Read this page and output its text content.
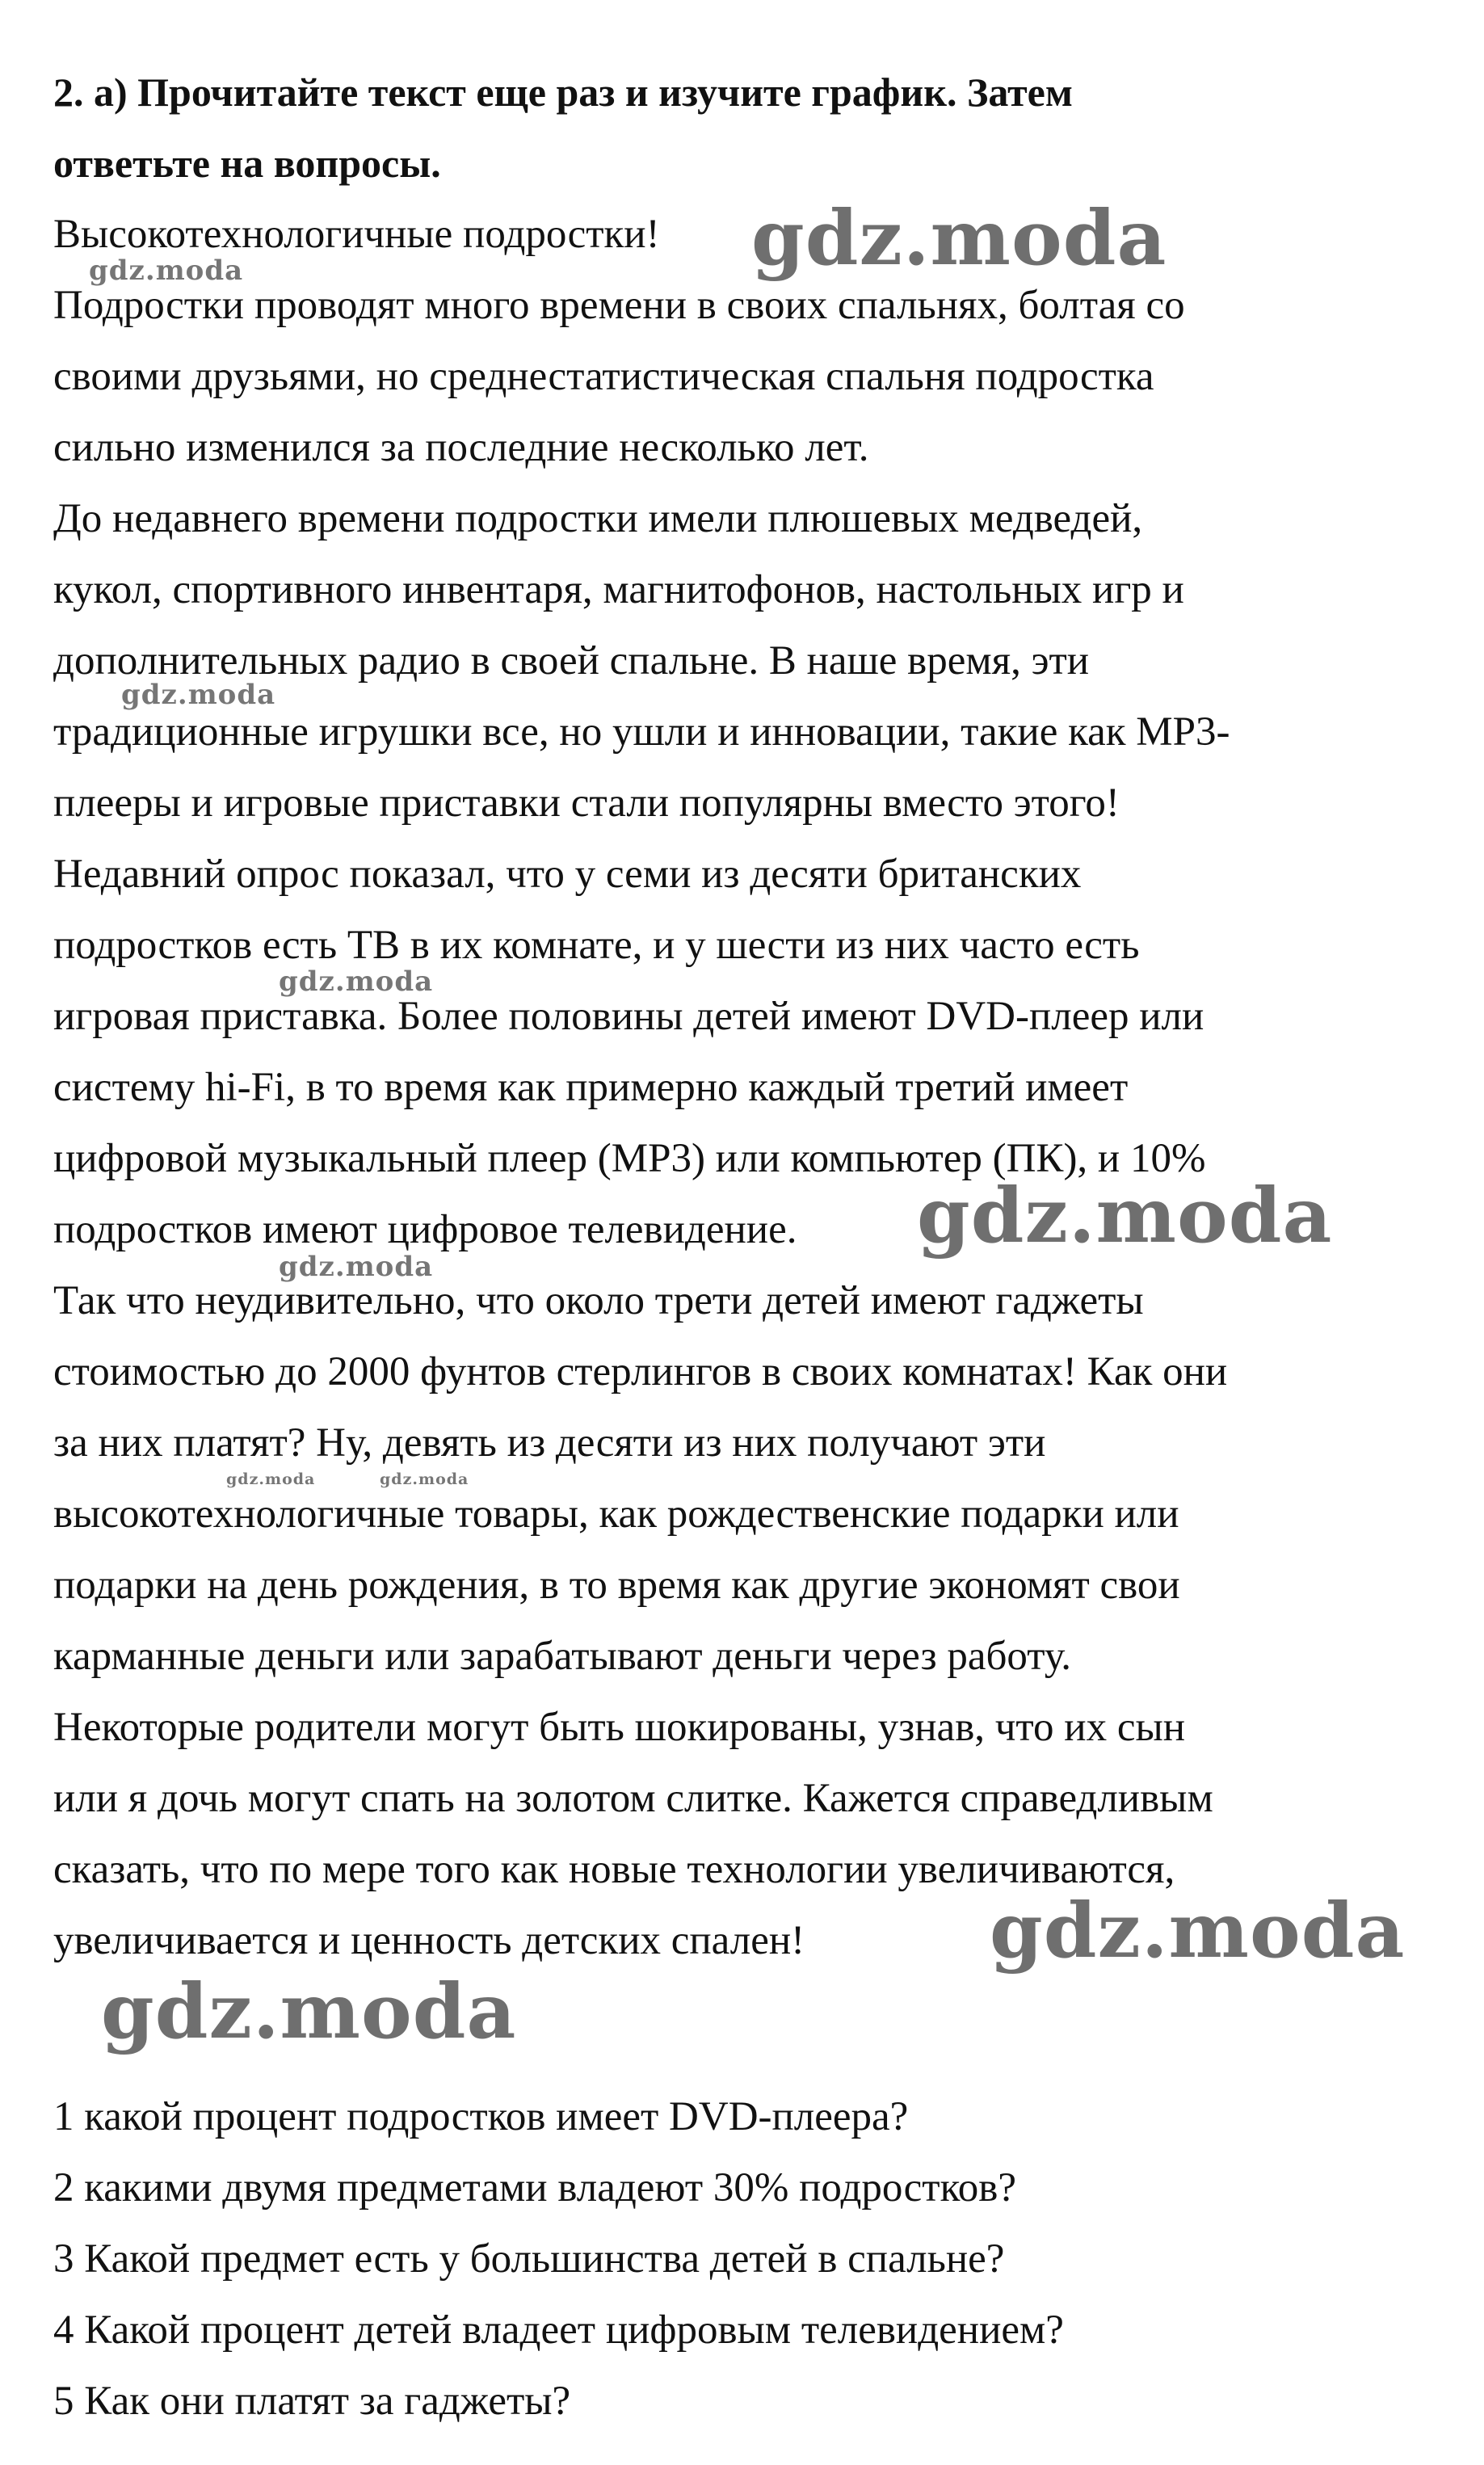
2. а) Прочитайте текст еще раз и изучите график. Затем

ответьте на вопросы.

Высокотехнологичные подростки!

Подростки проводят много времени в своих спальнях, болтая со

своими друзьями, но среднестатистическая спальня подростка

сильно изменился за последние несколько лет.

До недавнего времени подростки имели плюшевых медведей,

кукол, спортивного инвентаря, магнитофонов, настольных игр и

дополнительных радио в своей спальне. В наше время, эти

традиционные игрушки все, но ушли и инновации, такие как MP3-

плееры и игровые приставки стали популярны вместо этого!

Недавний опрос показал, что у семи из десяти британских

подростков есть ТВ в их комнате, и у шести из них часто есть

игровая приставка. Более половины детей имеют DVD-плеер или

систему hi-Fi, в то время как примерно каждый третий имеет

цифровой музыкальный плеер (МР3) или компьютер (ПК), и 10%

подростков имеют цифровое телевидение.

Так что неудивительно, что около трети детей имеют гаджеты

стоимостью до 2000 фунтов стерлингов в своих комнатах! Как они

за них платят? Ну, девять из десяти из них получают эти

высокотехнологичные товары, как рождественские подарки или

подарки на день рождения, в то время как другие экономят свои

карманные деньги или зарабатывают деньги через работу.

Некоторые родители могут быть шокированы, узнав, что их сын

или я дочь могут спать на золотом слитке. Кажется справедливым

сказать, что по мере того как новые технологии увеличиваются,

увеличивается и ценность детских спален!

1 какой процент подростков имеет DVD-плеера?

2 какими двумя предметами владеют 30% подростков?

3 Какой предмет есть у большинства детей в спальне?

4 Какой процент детей владеет цифровым телевидением?

5 Как они платят за гаджеты?

gdz.moda
gdz.moda
gdz.moda
gdz.moda
gdz.moda
gdz.moda
gdz.moda	gdz.moda
gdz.moda
gdz.moda
